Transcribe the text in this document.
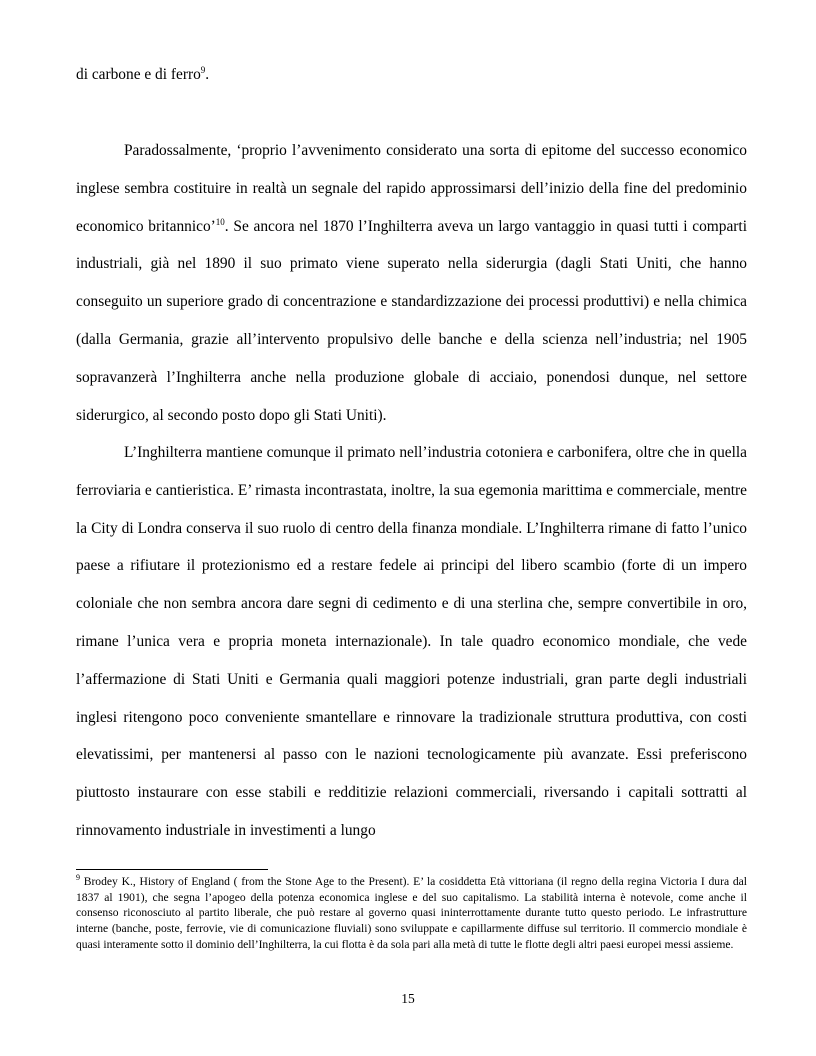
di carbone e di ferro$^9$.

Paradossalmente, ‘proprio l’avvenimento considerato una sorta di epitome del successo economico inglese sembra costituire in realtà un segnale del rapido approssimarsi dell’inizio della fine del predominio economico britannico’$^{10}$. Se ancora nel 1870 l’Inghilterra aveva un largo vantaggio in quasi tutti i comparti industriali, già nel 1890 il suo primato viene superato nella siderurgia (dagli Stati Uniti, che hanno conseguito un superiore grado di concentrazione e standardizzazione dei processi produttivi) e nella chimica (dalla Germania, grazie all’intervento propulsivo delle banche e della scienza nell’industria; nel 1905 sopravanzerà l’Inghilterra anche nella produzione globale di acciaio, ponendosi dunque, nel settore siderurgico, al secondo posto dopo gli Stati Uniti).

L’Inghilterra mantiene comunque il primato nell’industria cotoniera e carbonifera, oltre che in quella ferroviaria e cantieristica. E’ rimasta incontrastata, inoltre, la sua egemonia marittima e commerciale, mentre la City di Londra conserva il suo ruolo di centro della finanza mondiale. L’Inghilterra rimane di fatto l’unico paese a rifiutare il protezionismo ed a restare fedele ai principi del libero scambio (forte di un impero coloniale che non sembra ancora dare segni di cedimento e di una sterlina che, sempre convertibile in oro, rimane l’unica vera e propria moneta internazionale). In tale quadro economico mondiale, che vede l’affermazione di Stati Uniti e Germania quali maggiori potenze industriali, gran parte degli industriali inglesi ritengono poco conveniente smantellare e rinnovare la tradizionale struttura produttiva, con costi elevatissimi, per mantenersi al passo con le nazioni tecnologicamente più avanzate. Essi preferiscono piuttosto instaurare con esse stabili e redditizie relazioni commerciali, riversando i capitali sottratti al rinnovamento industriale in investimenti a lungo

$^9$ Brodey K., History of England ( from the Stone Age to the Present). E’ la cosiddetta Età vittoriana (il regno della regina Victoria I dura dal 1837 al 1901), che segna l’apogeo della potenza economica inglese e del suo capitalismo. La stabilità interna è notevole, come anche il consenso riconosciuto al partito liberale, che può restare al governo quasi ininterrottamente durante tutto questo periodo. Le infrastrutture interne (banche, poste, ferrovie, vie di comunicazione fluviali) sono sviluppate e capillarmente diffuse sul territorio. Il commercio mondiale è quasi interamente sotto il dominio dell’Inghilterra, la cui flotta è da sola pari alla metà di tutte le flotte degli altri paesi europei messi assieme.

15
